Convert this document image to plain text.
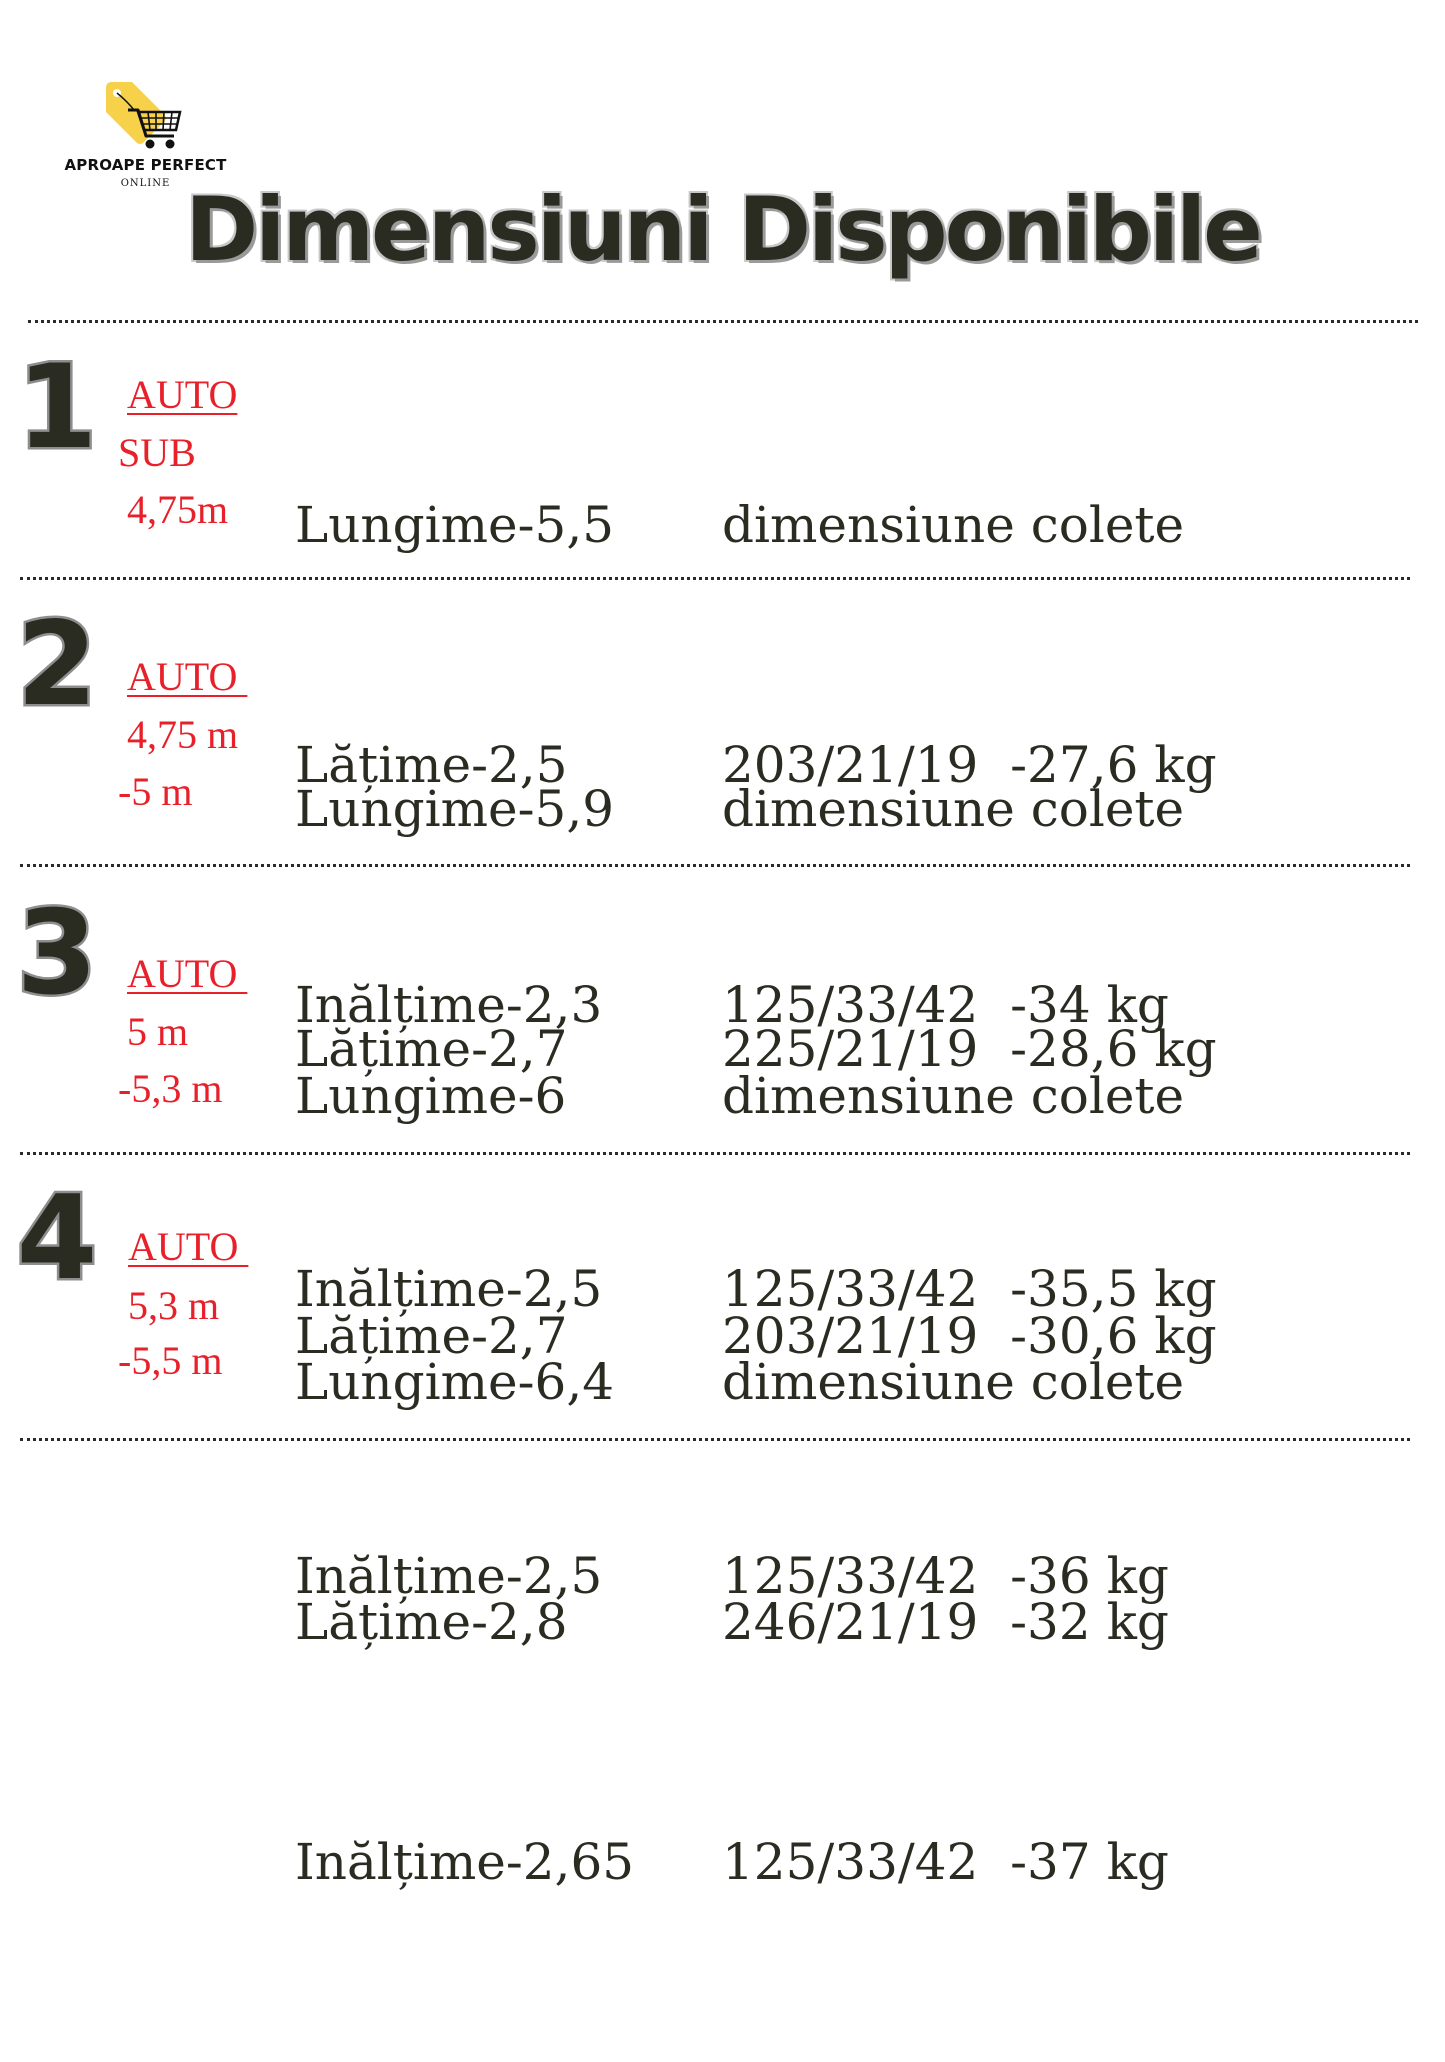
APROAPE PERFECT
ONLINE Dimensiuni Disponibile
1 AUTO
SUB
4,75m

Lungime-5,5

Lățime-2,5

Inălțime-2,3

dimensiune colete

203/21/19  -27,6 kg

125/33/42  -34 kg

2 AUTO
4,75 m
-5 m

Lungime-5,9

Lățime-2,7

Inălțime-2,5

dimensiune colete

225/21/19  -28,6 kg

125/33/42  -35,5 kg

3 AUTO
5 m
-5,3 m

Lungime-6

Lățime-2,7

Inălțime-2,5

dimensiune colete

203/21/19  -30,6 kg

125/33/42  -36 kg

4 AUTO
5,3 m
-5,5 m

Lungime-6,4

Lățime-2,8

Inălțime-2,65

dimensiune colete

246/21/19  -32 kg

125/33/42  -37 kg
